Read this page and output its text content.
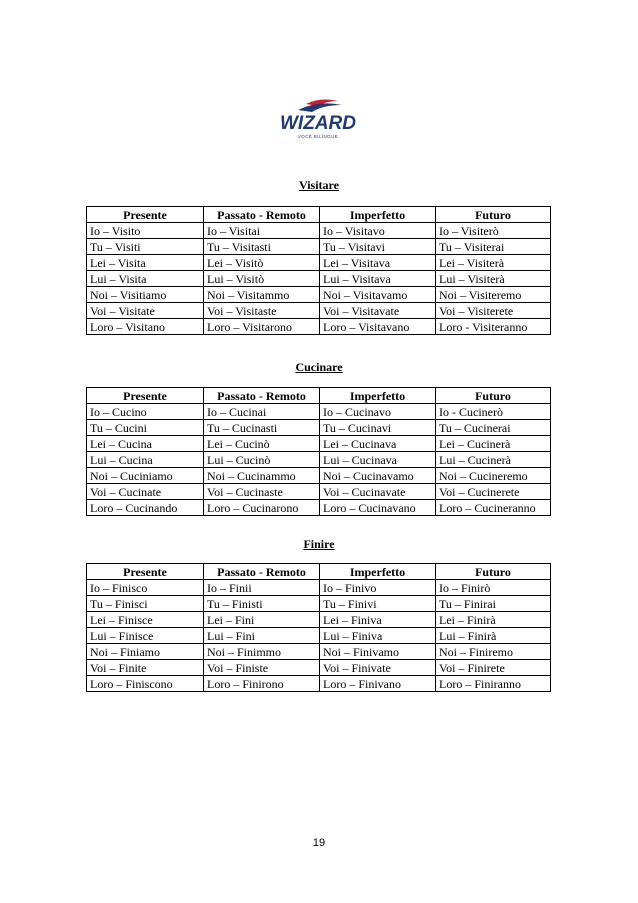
WIZARD
VOCÊ BILÍNGUE
Visitare
Presente	Passato - Remoto	Imperfetto	Futuro
Io – Visito	Io – Visitai	Io – Visitavo	Io – Visiterò
Tu – Visiti	Tu – Visitasti	Tu – Visitavi	Tu – Visiterai
Lei – Visita	Lei – Visitò	Lei – Visitava	Lei – Visiterà
Lui – Visita	Lui – Visitò	Lui – Visitava	Lui – Visiterà
Noi – Visitiamo	Noi – Visitammo	Noi – Visitavamo	Noi – Visiteremo
Voi – Visitate	Voi – Visitaste	Voi – Visitavate	Voi – Visiterete
Loro – Visitano	Loro – Visitarono	Loro – Visitavano	Loro - Visiteranno
Cucinare
Presente	Passato - Remoto	Imperfetto	Futuro
Io – Cucino	Io – Cucinai	Io – Cucinavo	Io - Cucinerò
Tu – Cucini	Tu – Cucinasti	Tu – Cucinavi	Tu – Cucinerai
Lei – Cucina	Lei – Cucinò	Lei – Cucinava	Lei – Cucinerà
Lui – Cucina	Lui – Cucinò	Lui – Cucinava	Lui – Cucinerà
Noi – Cuciniamo	Noi – Cucinammo	Noi – Cucinavamo	Noi – Cucineremo
Voi – Cucinate	Voi – Cucinaste	Voi – Cucinavate	Voi – Cucinerete
Loro – Cucinando	Loro – Cucinarono	Loro – Cucinavano	Loro – Cucineranno
Finire
Presente	Passato - Remoto	Imperfetto	Futuro
Io – Finisco	Io – Finii	Io – Finivo	Io – Finirò
Tu – Finisci	Tu – Finisti	Tu – Finivi	Tu – Finirai
Lei – Finisce	Lei – Fini	Lei – Finiva	Lei – Finirà
Lui – Finisce	Lui – Fini	Lui – Finiva	Lui – Finirà
Noi – Finiamo	Noi – Finimmo	Noi – Finivamo	Noi – Finiremo
Voi – Finite	Voi – Finiste	Voi – Finivate	Voi – Finirete
Loro – Finiscono	Loro – Finirono	Loro – Finivano	Loro – Finiranno
19
